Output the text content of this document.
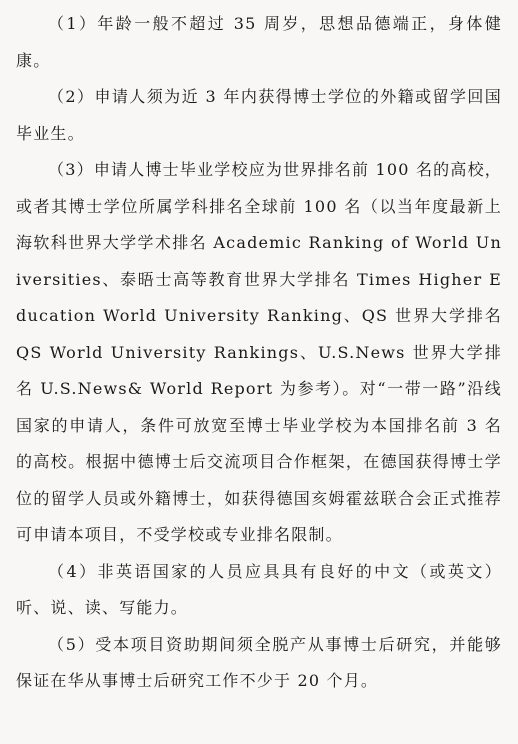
（1）年龄一般不超过 35 周岁，思想品德端正，身体健康。

（2）申请人须为近 3 年内获得博士学位的外籍或留学回国毕业生。

（3）申请人博士毕业学校应为世界排名前 100 名的高校，或者其博士学位所属学科排名全球前 100 名（以当年度最新上海软科世界大学学术排名 Academic Ranking of World Universities、泰晤士高等教育世界大学排名 Times Higher Education World University Ranking、QS 世界大学排名 QS World University Rankings、U.S.News 世界大学排名 U.S.News& World Report 为参考）。对“一带一路”沿线国家的申请人，条件可放宽至博士毕业学校为本国排名前 3 名的高校。根据中德博士后交流项目合作框架，在德国获得博士学位的留学人员或外籍博士，如获得德国亥姆霍兹联合会正式推荐可申请本项目，不受学校或专业排名限制。

（4）非英语国家的人员应具具有良好的中文（或英文）听、说、读、写能力。

（5）受本项目资助期间须全脱产从事博士后研究，并能够保证在华从事博士后研究工作不少于 20 个月。
